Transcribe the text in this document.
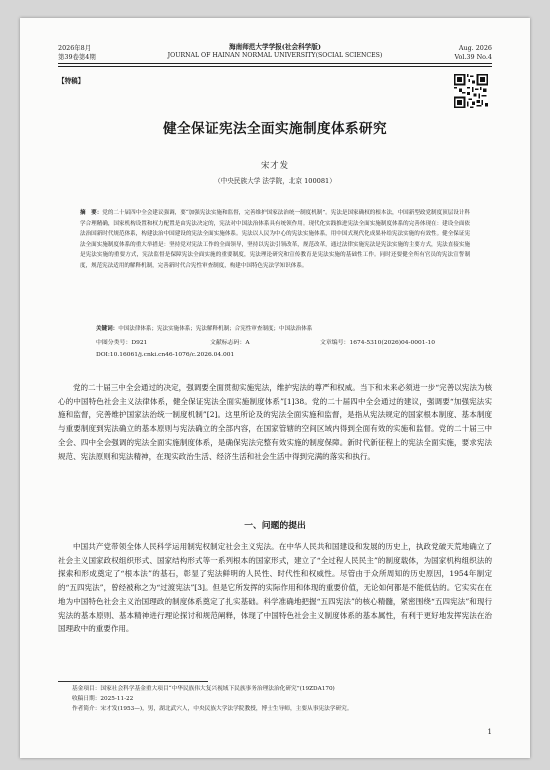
2026年8月
第39卷第4期
海南师范大学学报(社会科学版)
JOURNAL OF HAINAN NORMAL UNIVERSITY(SOCIAL SCIENCES)
Aug. 2026
Vol.39 No.4
【特稿】
健全保证宪法全面实施制度体系研究
宋才发
（中央民族大学 法学院，北京 100081）
摘　要：党的二十届四中全会建议强调，要“加强宪法实施和监督，完善维护国家法治统一制度机制”。宪法是国家确权的根本法，中国新型政党制度顶层设计科学合理精确，国家机构设置和权力配置是由宪法决定的，宪法对中国法治体系具有统领作用。现代化实践推进宪法全面实施制度体系的完善体现在：建设全面依法治国新时代规范体系，构建法治中国建设的宪法全面实施体系。宪法以人民为中心的宪法实施体系，用中国式现代化成果补给宪法实施的有效性。健全保证宪法全面实施制度体系的重大举措是：坚持党对宪法工作的全面领导，坚持以宪法引领改革，规范改革，通过法律实施宪法是宪法实施的主要方式，宪法直接实施是宪法实施的重要方式，宪法监督是保障宪法全面实施的重要制度，宪法理论研究和宣传教育是宪法实施的基础性工作。同时还要健全所有官员的宪法宣誓制度，规范宪法适用的解释机制，完善新时代合宪性审查制度，构建中国特色宪法学知识体系。
关键词：中国法律体系；宪法实施体系；宪法解释机制；合宪性审查制度；中国法治体系
中图分类号：D921	文献标志码：A	文章编号：1674-5310(2026)04-0001-10
DOI:10.16061/j.cnki.cn46-1076/c.2026.04.001
党的二十届三中全会通过的决定，强调要全面贯彻实施宪法，维护宪法的尊严和权威。当下和未来必须进一步“完善以宪法为核心的中国特色社会主义法律体系，健全保证宪法全面实施制度体系”[1]38。党的二十届四中全会通过的建议，强调要“加强宪法实施和监督，完善维护国家法治统一制度机制”[2]。这里所论及的宪法全面实施和监督，是指从宪法规定的国家根本制度、基本制度与重要制度到宪法确立的基本原则与宪法确立的全部内容，在国家管辖的空间区域内得到全面有效的实施和监督。党的二十届三中全会、四中全会强调的宪法全面实施制度体系，是确保宪法完整有效实施的制度保障。新时代新征程上的宪法全面实施，要求宪法规范、宪法原则和宪法精神，在现实政治生活、经济生活和社会生活中得到完满的落实和执行。
一、问题的提出
中国共产党带领全体人民科学运用制宪权制定社会主义宪法。在中华人民共和国建设和发展的历史上，执政党破天荒地确立了社会主义国家政权组织形式、国家结构形式等一系列根本的国家形式，建立了“全过程人民民主”的制度载体，为国家机构组织法的探索和形成奠定了“根本法”的基石，彰显了宪法鲜明的人民性、时代性和权威性。尽管由于众所周知的历史原因，1954年制定的“五四宪法”，曾经被称之为“过渡宪法”[3]。但是它所发挥的实际作用和体现的重要价值，无论如何都是不能低估的。它实实在在地为中国特色社会主义治国理政的制度体系奠定了扎实基础。科学准确地把握“五四宪法”的核心精髓，紧密围绕“五四宪法”和现行宪法的基本原则、基本精神进行理论探讨和规范阐释，体现了中国特色社会主义制度体系的基本属性，有利于更好地发挥宪法在治国理政中的重要作用。
基金项目：国家社会科学基金重大项目“中华民族伟大复兴视域下民族事务治理法治化研究”(19ZDA170)
收稿日期：2025-11-22
作者简介：宋才发(1953—)，男，湖北武穴人，中央民族大学法学院教授，博士生导师，主要从事宪法学研究。
1
